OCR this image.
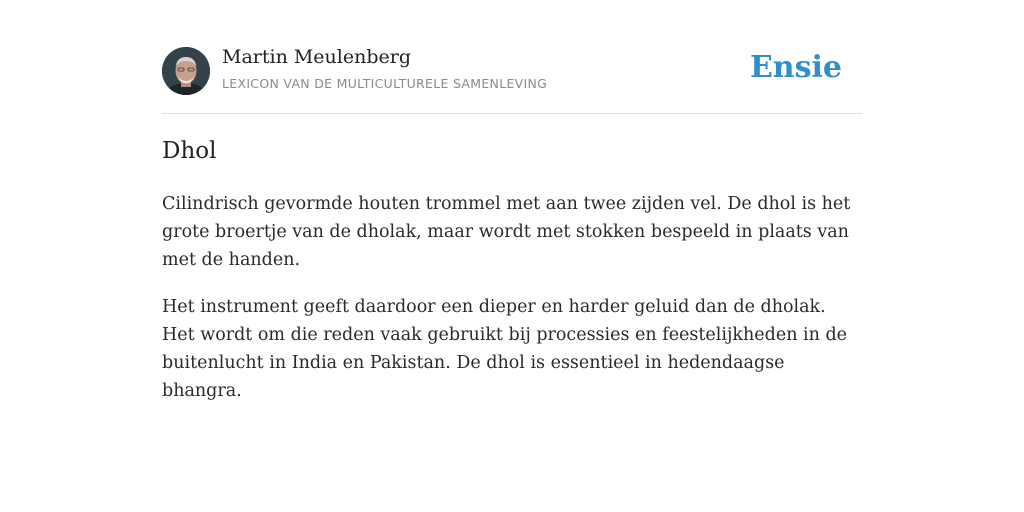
Martin Meulenberg
LEXICON VAN DE MULTICULTURELE SAMENLEVING	Ensie
Dhol

Cilindrisch gevormde houten trommel met aan twee zijden vel. De dhol is het grote broertje van de dholak, maar wordt met stokken bespeeld in plaats van met de handen.

Het instrument geeft daardoor een dieper en harder geluid dan de dholak. Het wordt om die reden vaak gebruikt bij processies en feestelijkheden in de buitenlucht in India en Pakistan. De dhol is essentieel in hedendaagse bhangra.
